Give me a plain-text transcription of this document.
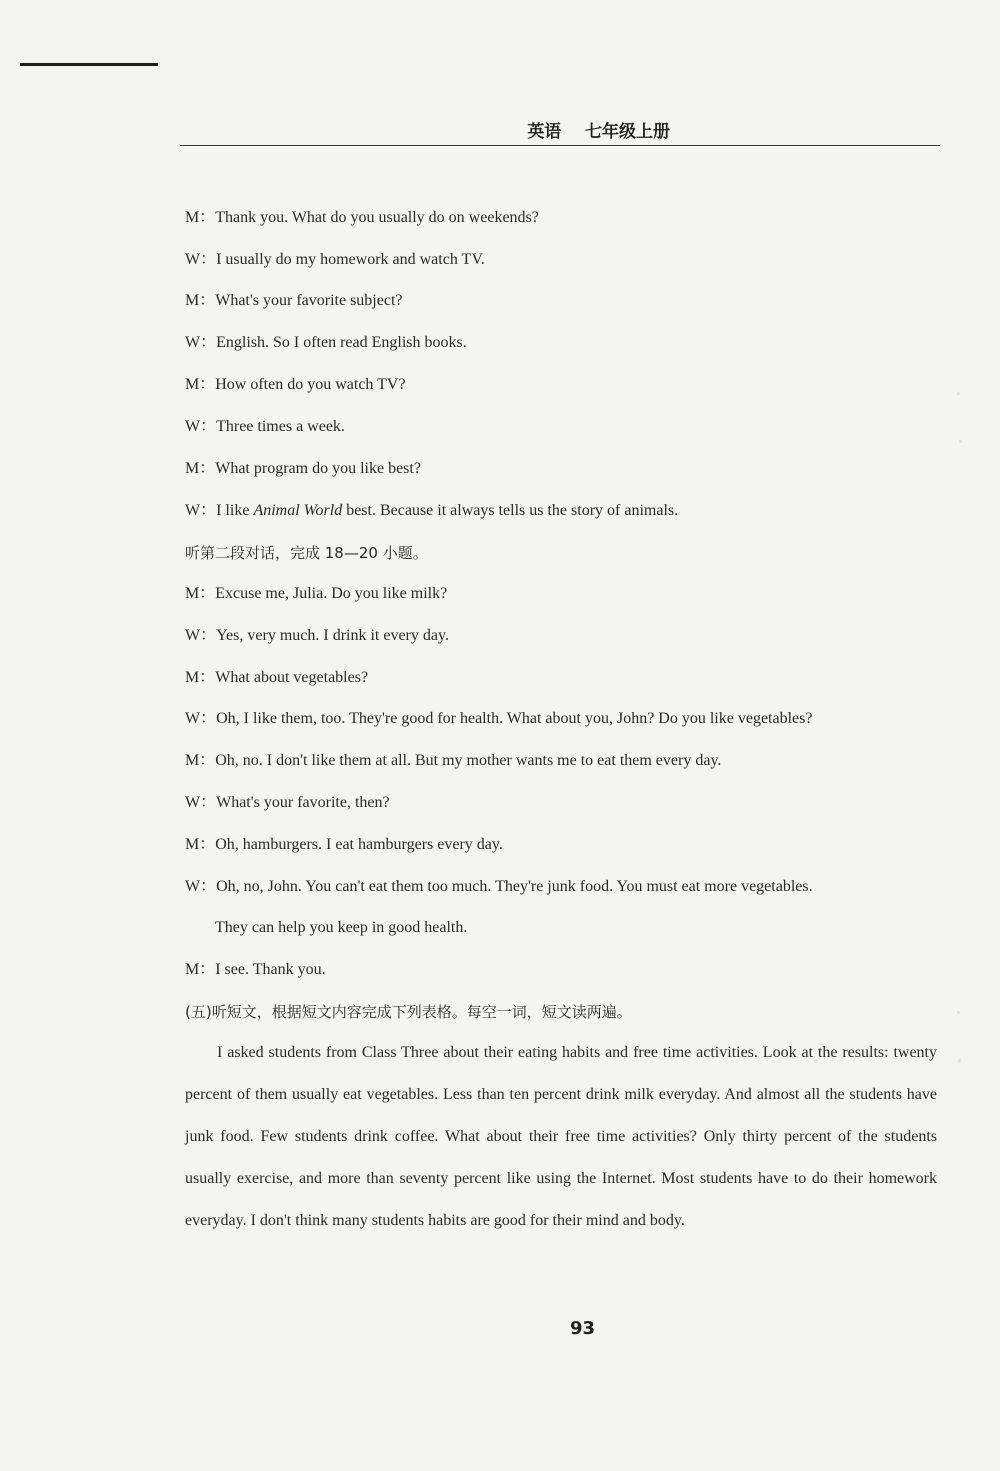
英语    七年级上册
M：Thank you. What do you usually do on weekends?
W：I usually do my homework and watch TV.
M：What's your favorite subject?
W：English. So I often read English books.
M：How often do you watch TV?
W：Three times a week.
M：What program do you like best?
W：I like Animal World best. Because it always tells us the story of animals.
听第二段对话，完成 18—20 小题。
M：Excuse me, Julia. Do you like milk?
W：Yes, very much. I drink it every day.
M：What about vegetables?
W：Oh, I like them, too. They're good for health. What about you, John? Do you like vegetables?
M：Oh, no. I don't like them at all. But my mother wants me to eat them every day.
W：What's your favorite, then?
M：Oh, hamburgers. I eat hamburgers every day.
W：Oh, no, John. You can't eat them too much. They're junk food. You must eat more vegetables.
They can help you keep in good health.
M：I see. Thank you.
(五)听短文，根据短文内容完成下列表格。每空一词，短文读两遍。
I asked students from Class Three about their eating habits and free time activities. Look at the results: twenty percent of them usually eat vegetables. Less than ten percent drink milk everyday. And almost all the students have junk food. Few students drink coffee. What about their free time activities? Only thirty percent of the students usually exercise, and more than seventy percent like using the Internet. Most students have to do their homework everyday. I don't think many students habits are good for their mind and body.
93
